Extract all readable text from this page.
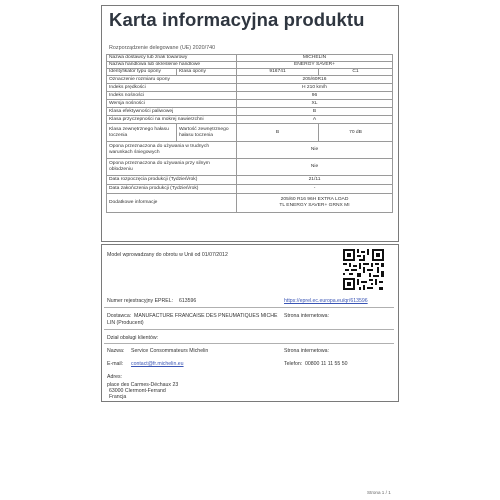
Karta informacyjna produktu
Rozporządzenie delegowane (UE) 2020/740
Nazwa dostawcy lub znak towarowy		MICHELIN	
Nazwa handlowa lub określenie handlowe		ENERGY SAVER+	
Identyfikator typu opony	Klasa opony	916741	C1
Oznaczenie rozmiaru opony		205/60R16	
Indeks prędkości		H 210 km/h	
Indeks nośności		96	
Wersja nośności		XL	
Klasa efektywności paliwowej		B	
Klasa przyczepności na mokrej nawierzchni		A	
Klasa zewnętrznego hałasu toczenia	Wartość zewnętrznego hałasu toczenia	B	70 dB
Opona przeznaczona do używania w trudnych warunkach śniegowych		Nie	
Opona przeznaczona do używania przy silnym oblodzeniu		Nie	
Data rozpoczęcia produkcji (Tydzień/rok)		21/11	
Data zakończenia produkcji (Tydzień/rok)		-	
Dodatkowe informacje		205/60 R16 96H EXTRA LOAD
TL ENERGY SAVER+ GRNX MI	
Model wprowadzany do obrotu w Unii od 01/07/2012
Numer rejestracyjny EPREL: 613596	https://eprel.ec.europa.eu/qr/613596
Dostawca: MANUFACTURE FRANCAISE DES PNEUMATIQUES MICHE
LIN (Producent)
Strona internetowa:
Dział obsługi klientów:
Nazwa: Service Consommateurs Michelin	Strona internetowa:
E-mail: contact@fr.michelin.eu	Telefon: 00800 11 11 55 50
Adres:
place des Carmes-Déchaux 23
63000 Clermont-Ferrand
Francja
Strona 1 / 1
